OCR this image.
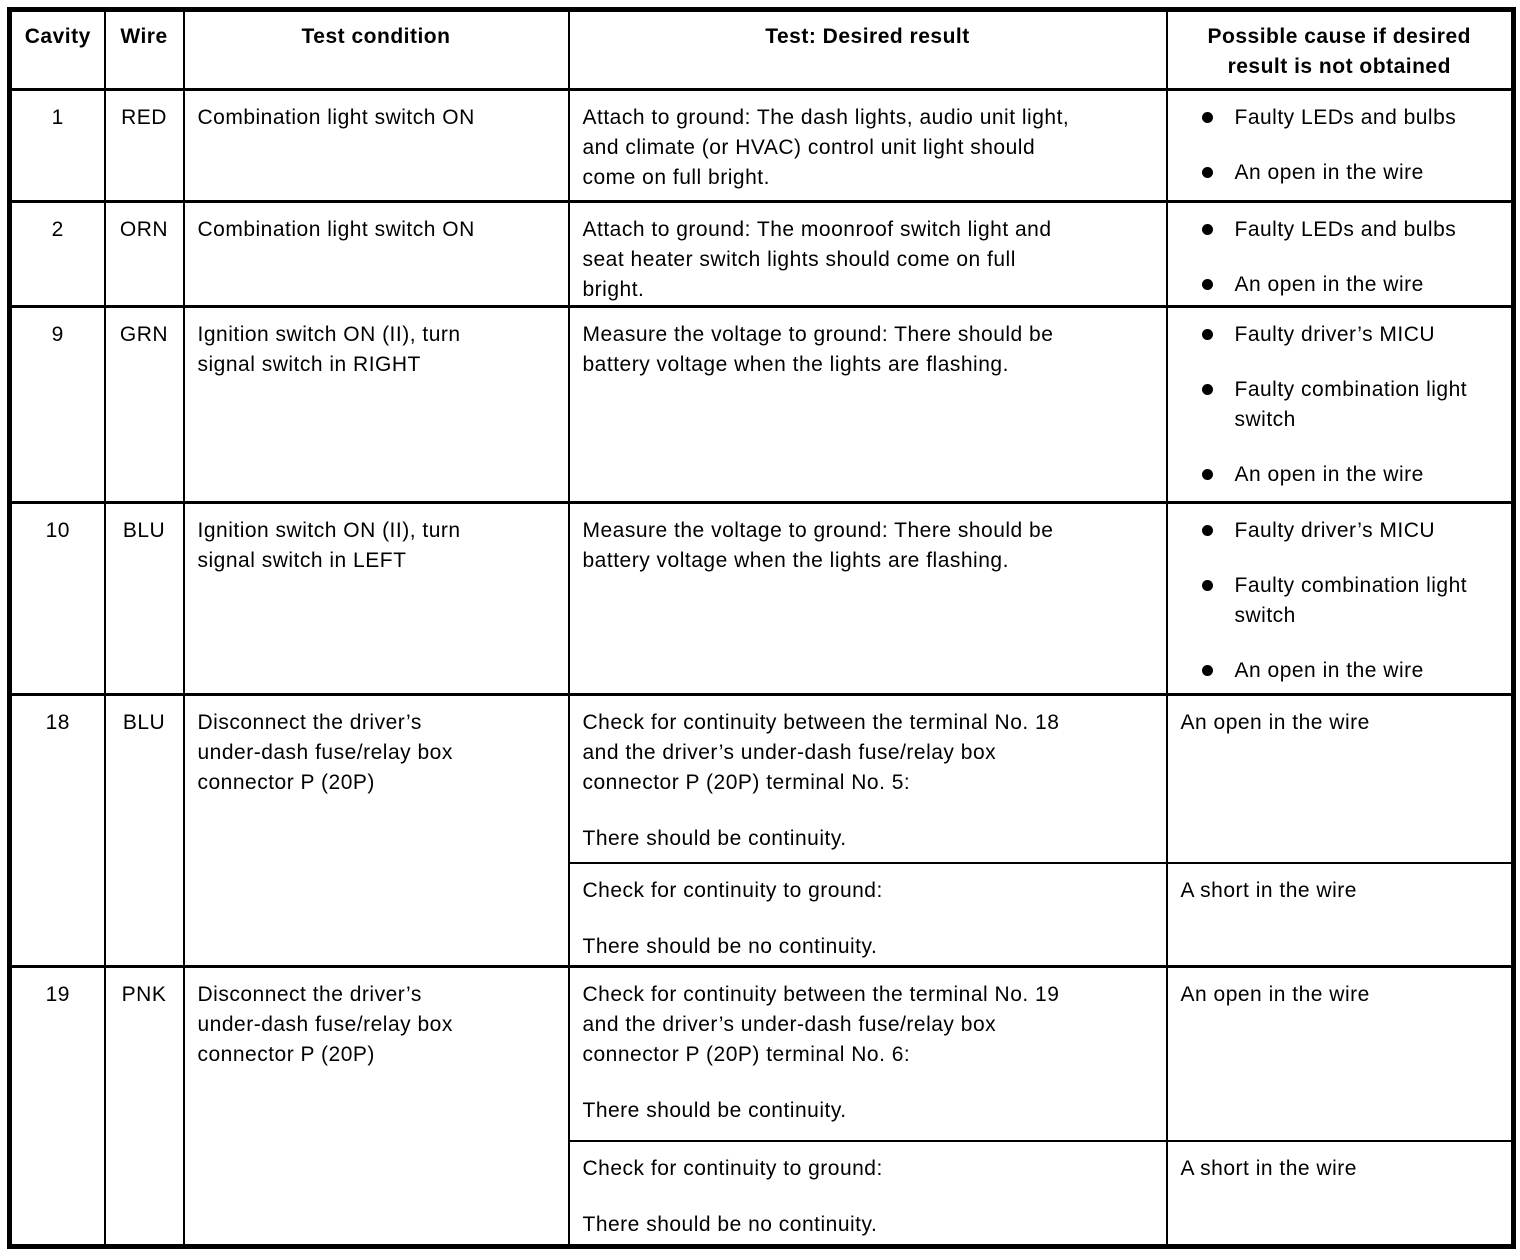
Cavity	Wire	Test condition	Test: Desired result	Possible cause if desired result is not obtained
1	RED	Combination light switch ON	Attach to ground: The dash lights, audio unit light, and climate (or HVAC) control unit light should come on full bright.	Faulty LEDs and bulbs
An open in the wire

2	ORN	Combination light switch ON	Attach to ground: The moonroof switch light and seat heater switch lights should come on full bright.	Faulty LEDs and bulbs
An open in the wire

9	GRN	Ignition switch ON (II), turn signal switch in RIGHT	Measure the voltage to ground: There should be battery voltage when the lights are flashing.	Faulty driver’s MICU
Faulty combination light switch
An open in the wire

10	BLU	Ignition switch ON (II), turn signal switch in LEFT	Measure the voltage to ground: There should be battery voltage when the lights are flashing.	Faulty driver’s MICU
Faulty combination light switch
An open in the wire

18	BLU	Disconnect the driver’s under-dash fuse/relay box connector P (20P)	Check for continuity between the terminal No. 18 and the driver’s under-dash fuse/relay box connector P (20P) terminal No. 5:
There should be continuity.	An open in the wire

			Check for continuity to ground:
There should be no continuity.	A short in the wire

19	PNK	Disconnect the driver’s under-dash fuse/relay box connector P (20P)	Check for continuity between the terminal No. 19 and the driver’s under-dash fuse/relay box connector P (20P) terminal No. 6:
There should be continuity.	An open in the wire

			Check for continuity to ground:
There should be no continuity.	A short in the wire
